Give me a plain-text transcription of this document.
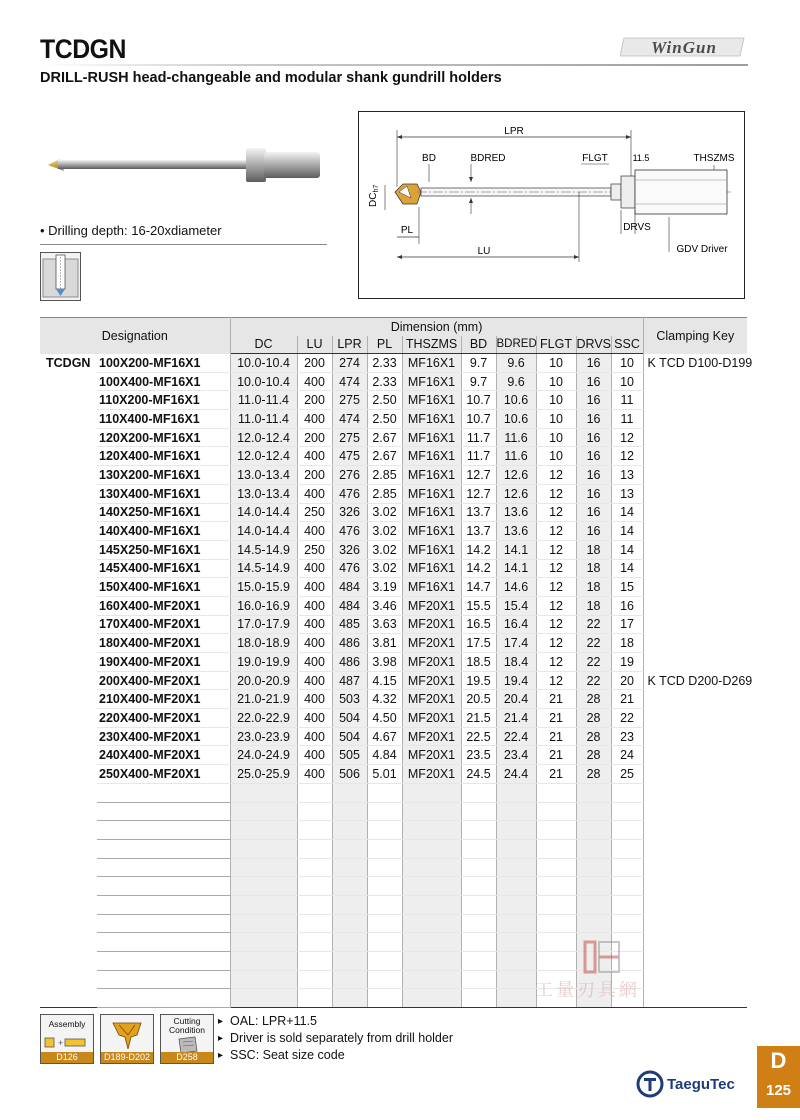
TCDGN	WinGun
DRILL-RUSH head-changeable and modular shank gundrill holders
• Drilling depth: 16-20xdiameter
LPR
BD	BDRED	FLGT	11.5	THSZMS
$DC_{h7}$
PL
LU
DRVS
GDV Driver
Designation		Dimension (mm)										Clamping Key
		DC	LU	LPR	PL	THSZMS	BD	BDRED	FLGT	DRVS	SSC	
TCDGN	100X200-MF16X1	10.0-10.4	200	274	2.33	MF16X1	9.7	9.6	10	16	10	K TCD D100-D199
	100X400-MF16X1	10.0-10.4	400	474	2.33	MF16X1	9.7	9.6	10	16	10	
	110X200-MF16X1	11.0-11.4	200	275	2.50	MF16X1	10.7	10.6	10	16	11	
	110X400-MF16X1	11.0-11.4	400	474	2.50	MF16X1	10.7	10.6	10	16	11	
	120X200-MF16X1	12.0-12.4	200	275	2.67	MF16X1	11.7	11.6	10	16	12	
	120X400-MF16X1	12.0-12.4	400	475	2.67	MF16X1	11.7	11.6	10	16	12	
	130X200-MF16X1	13.0-13.4	200	276	2.85	MF16X1	12.7	12.6	12	16	13	
	130X400-MF16X1	13.0-13.4	400	476	2.85	MF16X1	12.7	12.6	12	16	13	
	140X250-MF16X1	14.0-14.4	250	326	3.02	MF16X1	13.7	13.6	12	16	14	
	140X400-MF16X1	14.0-14.4	400	476	3.02	MF16X1	13.7	13.6	12	16	14	
	145X250-MF16X1	14.5-14.9	250	326	3.02	MF16X1	14.2	14.1	12	18	14	
	145X400-MF16X1	14.5-14.9	400	476	3.02	MF16X1	14.2	14.1	12	18	14	
	150X400-MF16X1	15.0-15.9	400	484	3.19	MF16X1	14.7	14.6	12	18	15	
	160X400-MF20X1	16.0-16.9	400	484	3.46	MF20X1	15.5	15.4	12	18	16	
	170X400-MF20X1	17.0-17.9	400	485	3.63	MF20X1	16.5	16.4	12	22	17	
	180X400-MF20X1	18.0-18.9	400	486	3.81	MF20X1	17.5	17.4	12	22	18	
	190X400-MF20X1	19.0-19.9	400	486	3.98	MF20X1	18.5	18.4	12	22	19	
	200X400-MF20X1	20.0-20.9	400	487	4.15	MF20X1	19.5	19.4	12	22	20	K TCD D200-D269
	210X400-MF20X1	21.0-21.9	400	503	4.32	MF20X1	20.5	20.4	21	28	21	
	220X400-MF20X1	22.0-22.9	400	504	4.50	MF20X1	21.5	21.4	21	28	22	
	230X400-MF20X1	23.0-23.9	400	504	4.67	MF20X1	22.5	22.4	21	28	23	
	240X400-MF20X1	24.0-24.9	400	505	4.84	MF20X1	23.5	23.4	21	28	24	
	250X400-MF20X1	25.0-25.9	400	506	5.01	MF20X1	24.5	24.4	21	28	25	

工量刃具網
Assembly
+
D126	D189-D202
Cutting Condition
D258
▸ OAL: LPR+11.5
▸ Driver is sold separately from drill holder
▸ SSC: Seat size code
TaeguTec
D
125
